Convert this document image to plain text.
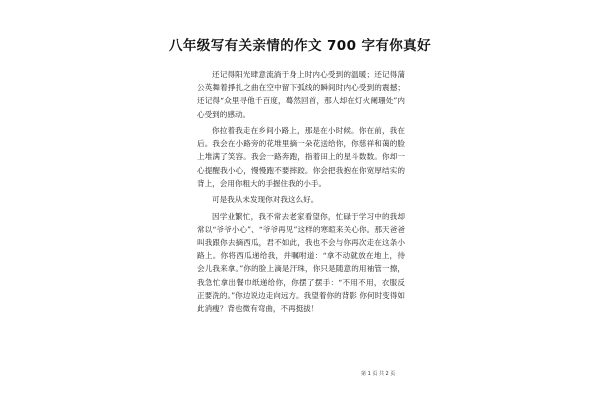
八年级写有关亲情的作文 700 字有你真好

还记得阳光肆意流淌于身上时内心受到的温暖；还记得蒲公英舞着掙扎之曲在空中留下弧线的瞬间时内心受到的震撼；还记得“众里寻他千百度，蓦然回首，那人却在灯火阑珊处”内心受到的感动。

你拉着我走在乡间小路上，那是在小时候。你在前，我在后。我会在小路旁的花堆里摘一朵花送给你，你慈祥和蔼的脸上堆满了笑容。我会一路奔跑，指着田上的星斗数数。你却一心提醒我小心，慢慢跑不要摔跤。你会把我抱在你宽厚结实的背上，会用你粗大的手握住我的小手。

可是我从未发现你对我这么好。

因学业繁忙，我不常去老家看望你，忙碌于学习中的我却常以“爷爷小心”、“爷爷再见”这样的寒暄来关心你。那天爸爸叫我跟你去摘西瓜，君不如此，我也不会与你再次走在这条小路上。你将西瓜递给我，并嘱咐道：“拿不动就放在地上，待会儿我来拿。”你的脸上滴是汗珠，你只是随意的用袖管一擦，我急忙拿出餐巾纸递给你，你摆了摆手：“不用不用，衣服反正要洗的。”你边说边走向远方。我望着你的背影 你何时变得如此消瘦？背也微有弯曲，不再挺拔！

第 1 页 共 2 页
